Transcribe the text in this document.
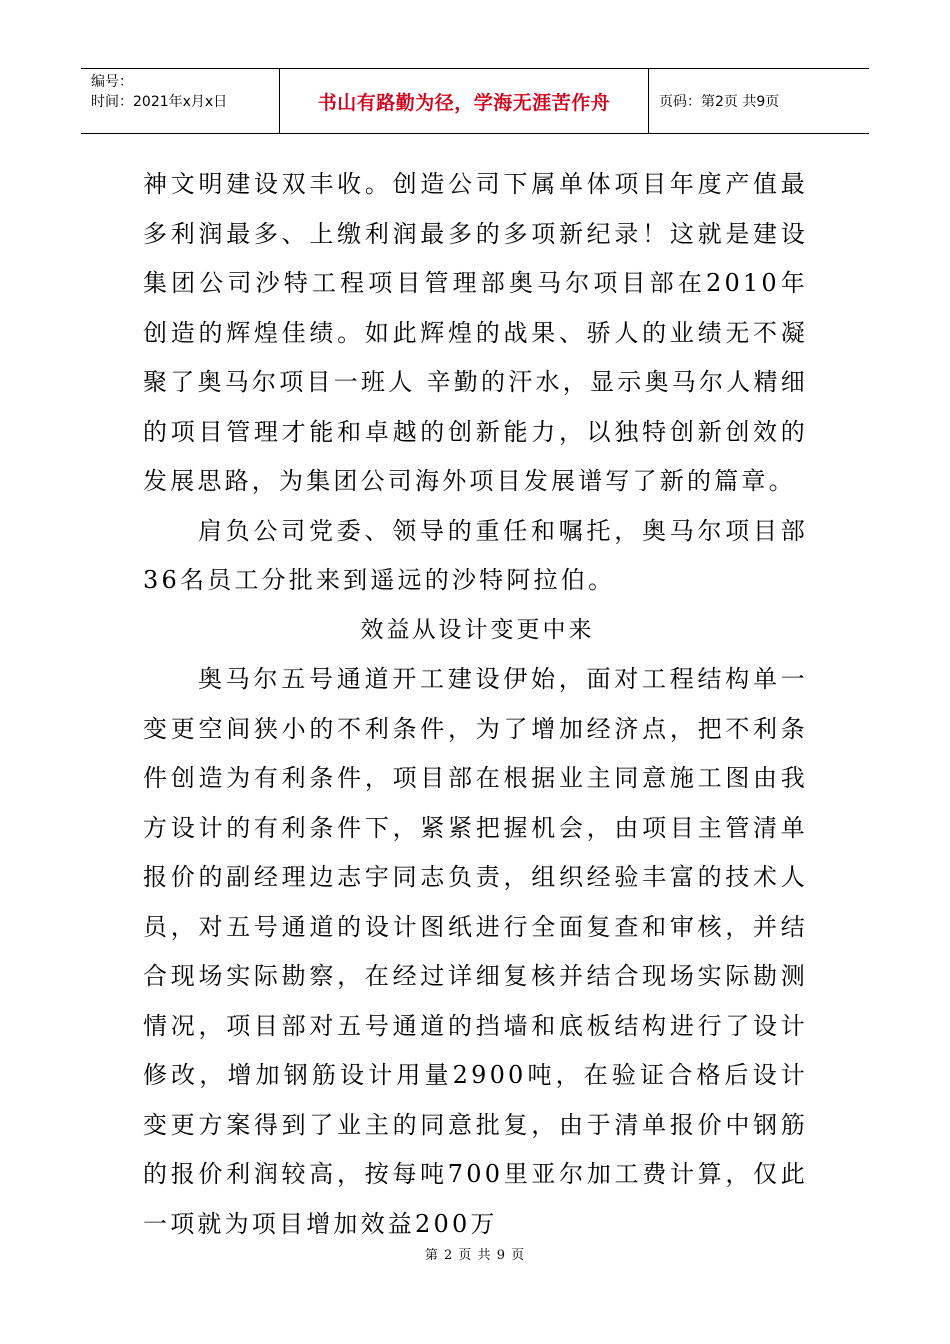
编号：
时间：2021年x月x日	书山有路勤为径，学海无涯苦作舟	页码：第2页 共9页

神文明建设双丰收。创造公司下属单体项目年度产值最多利润最多、上缴利润最多的多项新纪录！这就是建设集团公司沙特工程项目管理部奥马尔项目部在2010年创造的辉煌佳绩。如此辉煌的战果、骄人的业绩无不凝聚了奥马尔项目一班人 辛勤的汗水，显示奥马尔人精细的项目管理才能和卓越的创新能力，以独特创新创效的发展思路，为集团公司海外项目发展谱写了新的篇章。

肩负公司党委、领导的重任和嘱托，奥马尔项目部36名员工分批来到遥远的沙特阿拉伯。

效益从设计变更中来

奥马尔五号通道开工建设伊始，面对工程结构单一变更空间狭小的不利条件，为了增加经济点，把不利条件创造为有利条件，项目部在根据业主同意施工图由我方设计的有利条件下，紧紧把握机会，由项目主管清单报价的副经理边志宇同志负责，组织经验丰富的技术人员，对五号通道的设计图纸进行全面复查和审核，并结合现场实际勘察，在经过详细复核并结合现场实际勘测情况，项目部对五号通道的挡墙和底板结构进行了设计修改，增加钢筋设计用量2900吨，在验证合格后设计变更方案得到了业主的同意批复，由于清单报价中钢筋的报价利润较高，按每吨700里亚尔加工费计算，仅此一项就为项目增加效益200万

第 2 页 共 9 页
